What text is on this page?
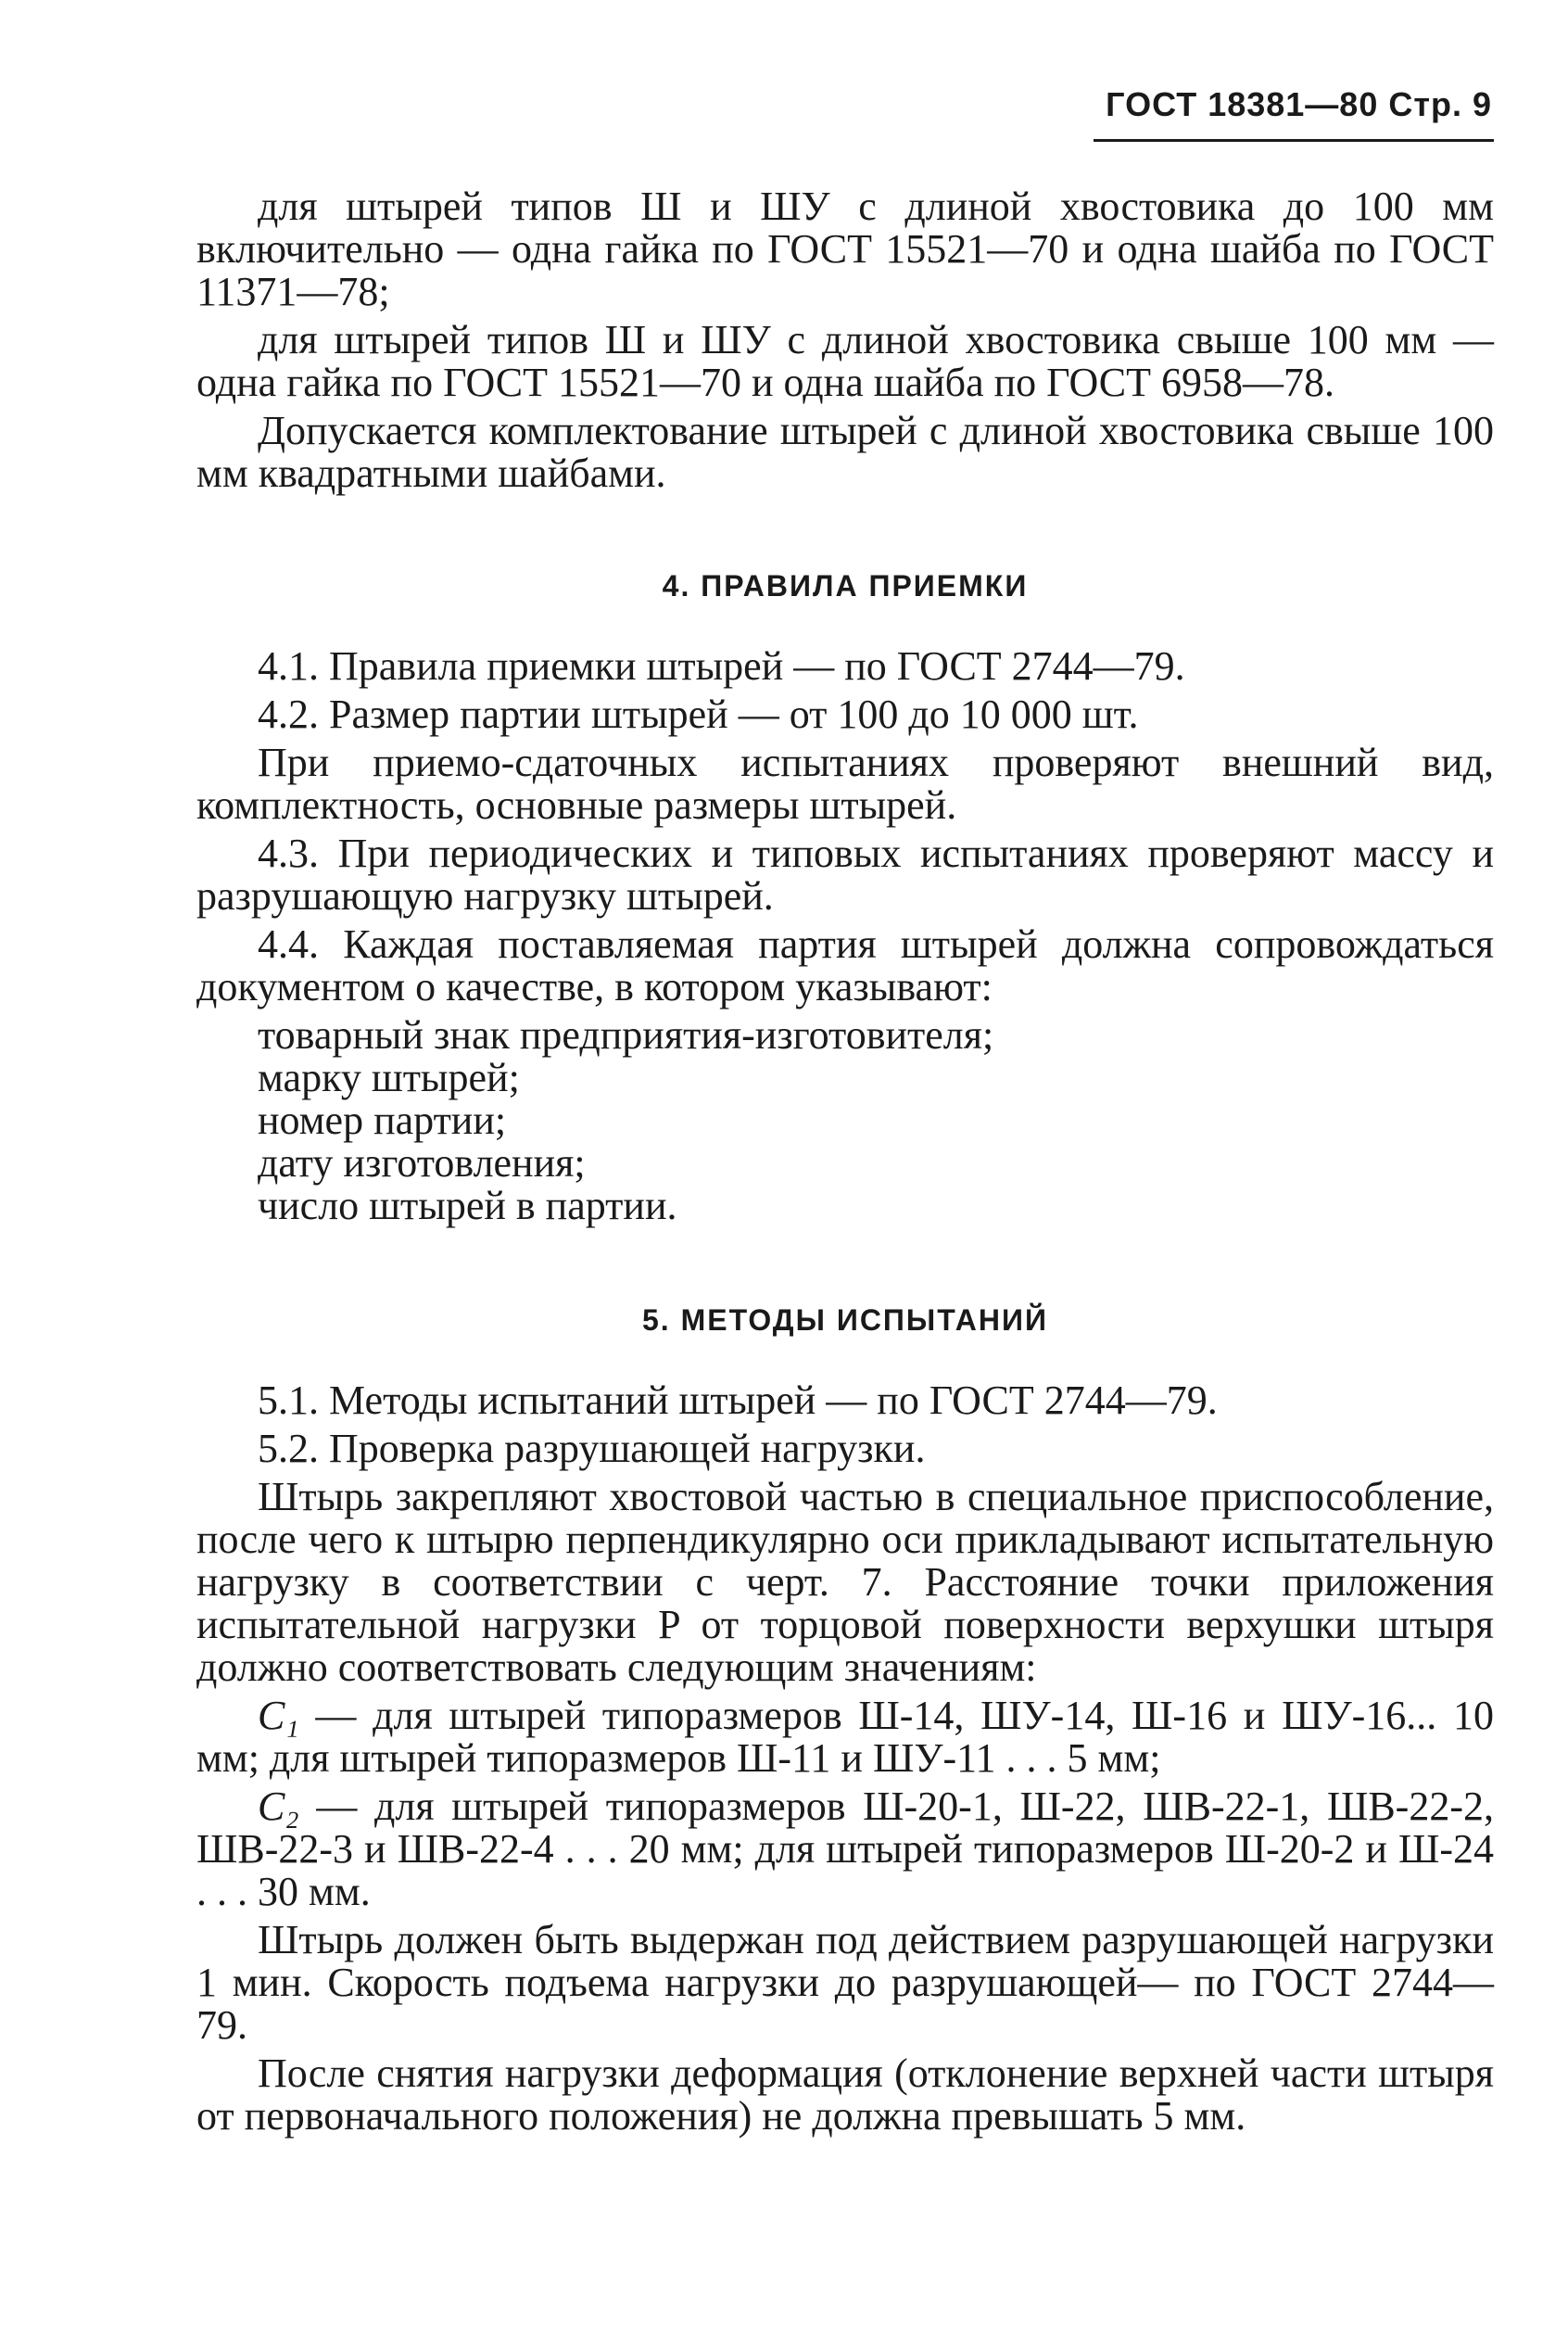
ГОСТ 18381—80 Стр. 9

для штырей типов Ш и ШУ с длиной хвостовика до 100 мм включительно — одна гайка по ГОСТ 15521—70 и одна шайба по ГОСТ 11371—78;

для штырей типов Ш и ШУ с длиной хвостовика свыше 100 мм — одна гайка по ГОСТ 15521—70 и одна шайба по ГОСТ 6958—78.

Допускается комплектование штырей с длиной хвостовика свыше 100 мм квадратными шайбами.

4. ПРАВИЛА ПРИЕМКИ

4.1. Правила приемки штырей — по ГОСТ 2744—79.

4.2. Размер партии штырей — от 100 до 10 000 шт.

При приемо-сдаточных испытаниях проверяют внешний вид, комплектность, основные размеры штырей.

4.3. При периодических и типовых испытаниях проверяют массу и разрушающую нагрузку штырей.

4.4. Каждая поставляемая партия штырей должна сопровождаться документом о качестве, в котором указывают:

товарный знак предприятия-изготовителя;

марку штырей;

номер партии;

дату изготовления;

число штырей в партии.

5. МЕТОДЫ ИСПЫТАНИЙ

5.1. Методы испытаний штырей — по ГОСТ 2744—79.

5.2. Проверка разрушающей нагрузки.

Штырь закрепляют хвостовой частью в специальное приспособление, после чего к штырю перпендикулярно оси прикладывают испытательную нагрузку в соответствии с черт. 7. Расстояние точки приложения испытательной нагрузки P от торцовой поверхности верхушки штыря должно соответствовать следующим значениям:

C₁ — для штырей типоразмеров Ш-14, ШУ-14, Ш-16 и ШУ-16... 10 мм; для штырей типоразмеров Ш-11 и ШУ-11 . . . 5 мм;

C₂ — для штырей типоразмеров Ш-20-1, Ш-22, ШВ-22-1, ШВ-22-2, ШВ-22-3 и ШВ-22-4 . . . 20 мм; для штырей типоразмеров Ш-20-2 и Ш-24 . . . 30 мм.

Штырь должен быть выдержан под действием разрушающей нагрузки 1 мин. Скорость подъема нагрузки до разрушающей— по ГОСТ 2744—79.

После снятия нагрузки деформация (отклонение верхней части штыря от первоначального положения) не должна превышать 5 мм.
